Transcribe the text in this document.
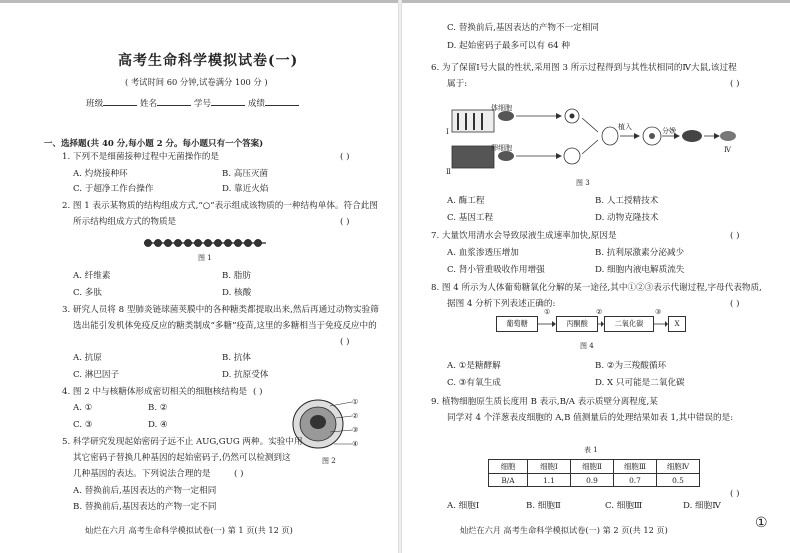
高考生命科学模拟试卷(一)
( 考试时间 60 分钟,试卷满分 100 分 )
班级	姓名	学号	成绩
一、选择题(共 40 分,每小题 2 分。每小题只有一个答案)
1. 下列不是细菌接种过程中无菌操作的是	( )
A. 灼烧接种环	B. 高压灭菌
C. 于超净工作台操作	D. 靠近火焰
2. 图 1 表示某物质的结构组成方式,“○”表示组成该物质的一种结构单体。符合此图
所示结构组成方式的物质是	( )
图 1
A. 纤维素	B. 脂肪
C. 多肽	D. 核酸
3. 研究人员将 8 型肺炎链球菌荚膜中的各种糖类都提取出来,然后再通过动物实验筛
选出能引发机体免疫反应的糖类制成“多糖”疫苗,这里的多糖相当于免疫反应中的
( )
A. 抗原	B. 抗体
C. 淋巴因子	D. 抗原受体
4. 图 2 中与核糖体形成密切相关的细胞核结构是 ( )
A. ①	B. ②
C. ③	D. ④
①
②
③
④
图 2
5. 科学研究发现起始密码子远不止 AUG,GUG 两种。实验中用
其它密码子替换几种基因的起始密码子,仍然可以检测到这
几种基因的表达。下列说法合理的是	( )
A. 替换前后,基因表达的产物一定相同
B. 替换前后,基因表达的产物一定不同
灿烂在六月 高考生命科学模拟试卷(一) 第 1 页(共 12 页)
C. 替换前后,基因表达的产物不一定相同
D. 起始密码子最多可以有 64 种
6. 为了保留Ⅰ号大鼠的性状,采用图 3 所示过程得到与其性状相同的Ⅳ大鼠,该过程
属于:	( )
体细胞
卵细胞
植入	分娩
Ⅳ
Ⅰ
Ⅱ
图 3
A. 酶工程	B. 人工授精技术
C. 基因工程	D. 动物克隆技术
7. 大量饮用清水会导致尿液生成速率加快,原因是	( )
A. 血浆渗透压增加	B. 抗利尿激素分泌减少
C. 肾小管重吸收作用增强	D. 细胞内液电解质流失
8. 图 4 所示为人体葡萄糖氧化分解的某一途径,其中①②③表示代谢过程,字母代表物质,
据图 4 分析下列表述正确的:	( )
葡萄糖	丙酮酸	二氧化碳	X
①	②	③
图 4
A. ①是糖酵解	B. ②为三羧酸循环
C. ③有氧生成	D. X 只可能是二氧化碳
9. 植物细胞原生质长度用 B 表示,B/A 表示质壁分离程度,某
同学对 4 个洋葱表皮细胞的 A,B 值测量后的处理结果如表 1,其中错误的是:
表 1
细胞	细胞Ⅰ	细胞Ⅱ	细胞Ⅲ	细胞Ⅳ
B/A	1.1	0.9	0.7	0.5
( )
A. 细胞Ⅰ	B. 细胞Ⅱ	C. 细胞Ⅲ	D. 细胞Ⅳ
灿烂在六月 高考生命科学模拟试卷(一) 第 2 页(共 12 页)	①
